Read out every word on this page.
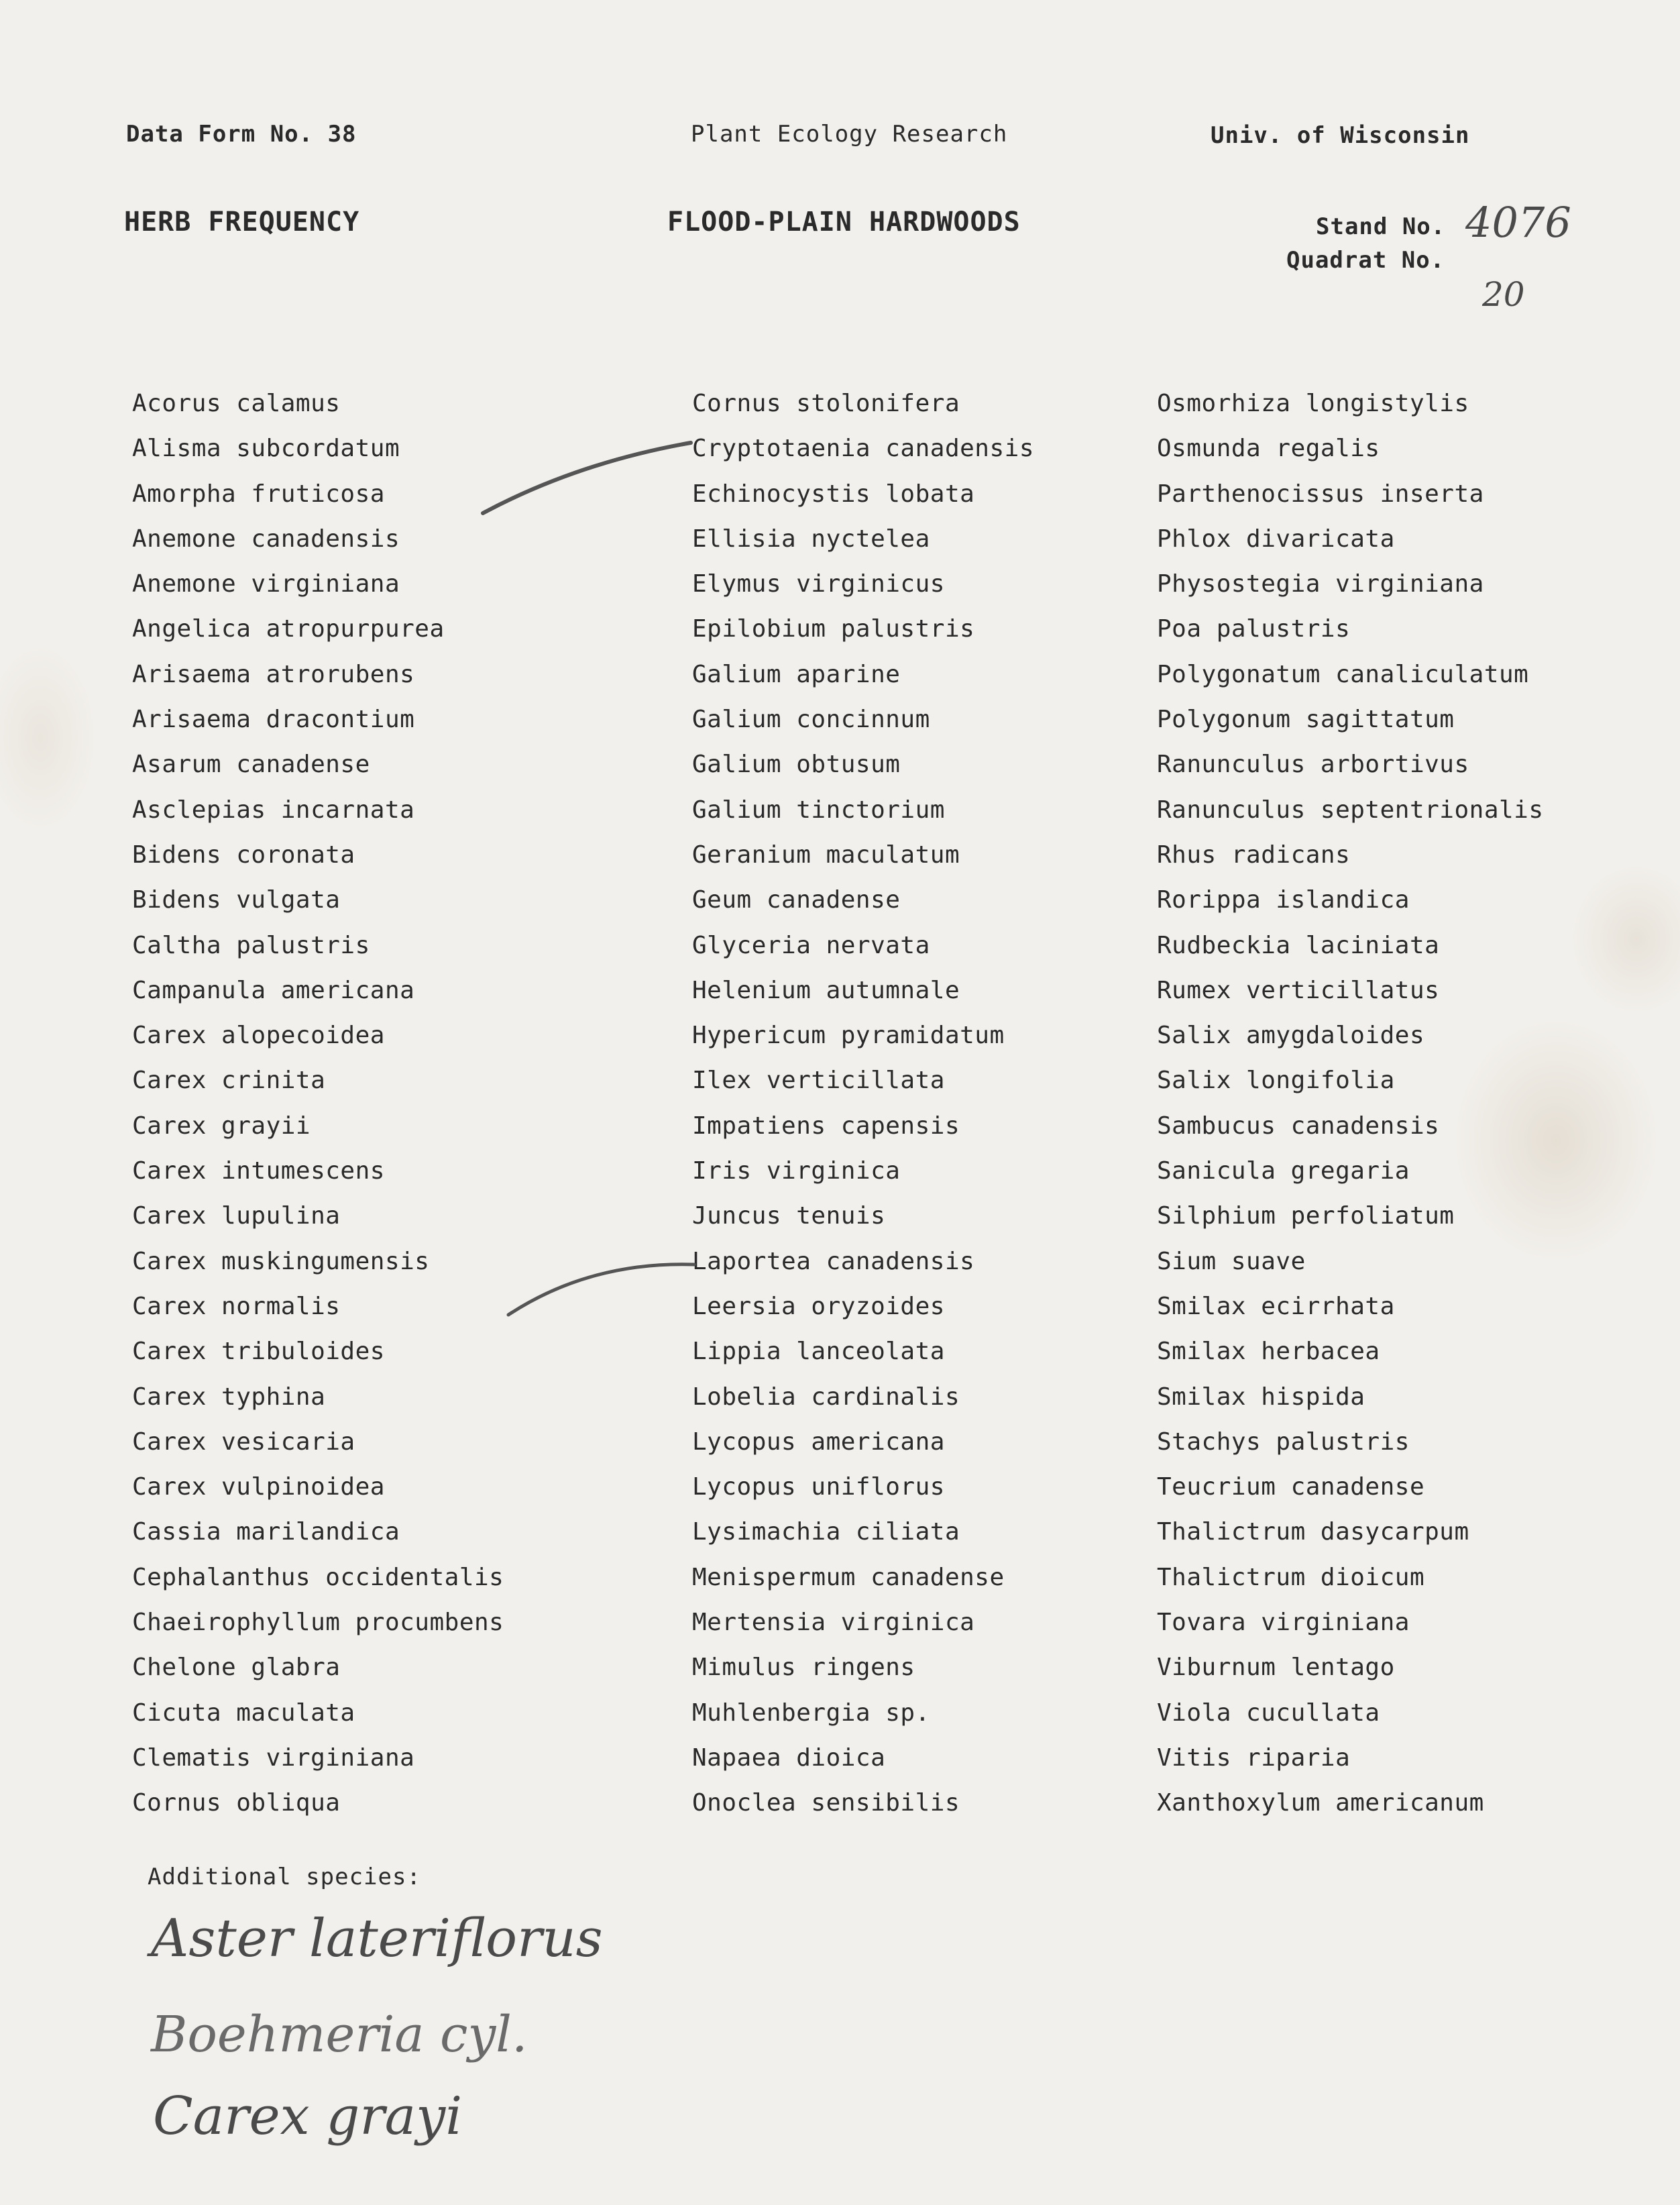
Data Form No. 38	Plant Ecology Research	Univ. of Wisconsin
HERB FREQUENCY	FLOOD-PLAIN HARDWOODS	Stand No.
Quadrat No.
4076
20
Acorus calamus
Alisma subcordatum
Amorpha fruticosa
Anemone canadensis
Anemone virginiana
Angelica atropurpurea
Arisaema atrorubens
Arisaema dracontium
Asarum canadense
Asclepias incarnata
Bidens coronata
Bidens vulgata
Caltha palustris
Campanula americana
Carex alopecoidea
Carex crinita
Carex grayii
Carex intumescens
Carex lupulina
Carex muskingumensis
Carex normalis
Carex tribuloides
Carex typhina
Carex vesicaria
Carex vulpinoidea
Cassia marilandica
Cephalanthus occidentalis
Chaeirophyllum procumbens
Chelone glabra
Cicuta maculata
Clematis virginiana
Cornus obliqua
Cornus stolonifera
Cryptotaenia canadensis
Echinocystis lobata
Ellisia nyctelea
Elymus virginicus
Epilobium palustris
Galium aparine
Galium concinnum
Galium obtusum
Galium tinctorium
Geranium maculatum
Geum canadense
Glyceria nervata
Helenium autumnale
Hypericum pyramidatum
Ilex verticillata
Impatiens capensis
Iris virginica
Juncus tenuis
Laportea canadensis
Leersia oryzoides
Lippia lanceolata
Lobelia cardinalis
Lycopus americana
Lycopus uniflorus
Lysimachia ciliata
Menispermum canadense
Mertensia virginica
Mimulus ringens
Muhlenbergia sp.
Napaea dioica
Onoclea sensibilis
Osmorhiza longistylis
Osmunda regalis
Parthenocissus inserta
Phlox divaricata
Physostegia virginiana
Poa palustris
Polygonatum canaliculatum
Polygonum sagittatum
Ranunculus arbortivus
Ranunculus septentrionalis
Rhus radicans
Rorippa islandica
Rudbeckia laciniata
Rumex verticillatus
Salix amygdaloides
Salix longifolia
Sambucus canadensis
Sanicula gregaria
Silphium perfoliatum
Sium suave
Smilax ecirrhata
Smilax herbacea
Smilax hispida
Stachys palustris
Teucrium canadense
Thalictrum dasycarpum
Thalictrum dioicum
Tovara virginiana
Viburnum lentago
Viola cucullata
Vitis riparia
Xanthoxylum americanum
Additional species:
Aster lateriflorus
Boehmeria cyl.
Carex grayi
